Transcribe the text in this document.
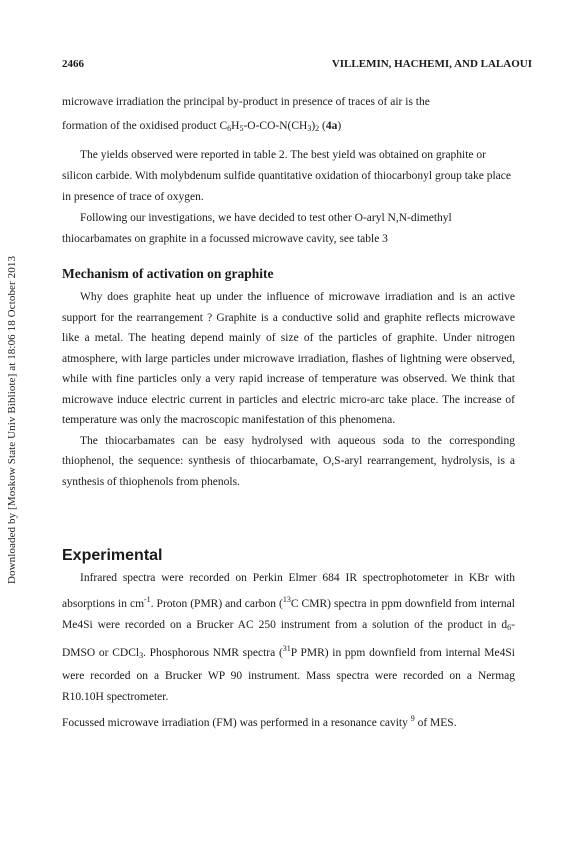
Downloaded by [Moskow State Univ Bibliote] at 18:06 18 October 2013
2466	VILLEMIN, HACHEMI, AND LALAOUI

microwave irradiation the principal by-product in presence of traces of air is the

formation of the oxidised product $C_6H_5-O-CO-N(CH_3)_2$ (4a)

The yields observed were reported in table 2. The best yield was obtained on graphite or silicon carbide. With molybdenum sulfide quantitative oxidation of thiocarbonyl group take place in presence of trace of oxygen.

Following our investigations, we have decided to test other O-aryl N,N-dimethyl thiocarbamates on graphite in a focussed microwave cavity, see table 3

Mechanism of activation on graphite

Why does graphite heat up under the influence of microwave irradiation and is an active support for the rearrangement ? Graphite is a conductive solid and graphite reflects microwave like a metal. The heating depend mainly of size of the particles of graphite. Under nitrogen atmosphere, with large particles under microwave irradiation, flashes of lightning were observed, while with fine particles only a very rapid increase of temperature was observed. We think that microwave induce electric current in particles and electric micro-arc take place. The increase of temperature was only the macroscopic manifestation of this phenomena.

The thiocarbamates can be easy hydrolysed with aqueous soda to the corresponding thiophenol, the sequence: synthesis of thiocarbamate, O,S-aryl rearrangement, hydrolysis, is a synthesis of thiophenols from phenols.

Experimental

Infrared spectra were recorded on Perkin Elmer 684 IR spectrophotometer in KBr with absorptions in $cm^{-1}$. Proton (PMR) and carbon ($^{13}$C CMR) spectra in ppm downfield from internal Me4Si were recorded on a Brucker AC 250 instrument from a solution of the product in $d_6$-DMSO or CDCl$_3$. Phosphorous NMR spectra ($^{31}$P PMR) in ppm downfield from internal Me4Si were recorded on a Brucker WP 90 instrument. Mass spectra were recorded on a Nermag R10.10H spectrometer.

Focussed microwave irradiation (FM) was performed in a resonance cavity $^9$ of MES.
